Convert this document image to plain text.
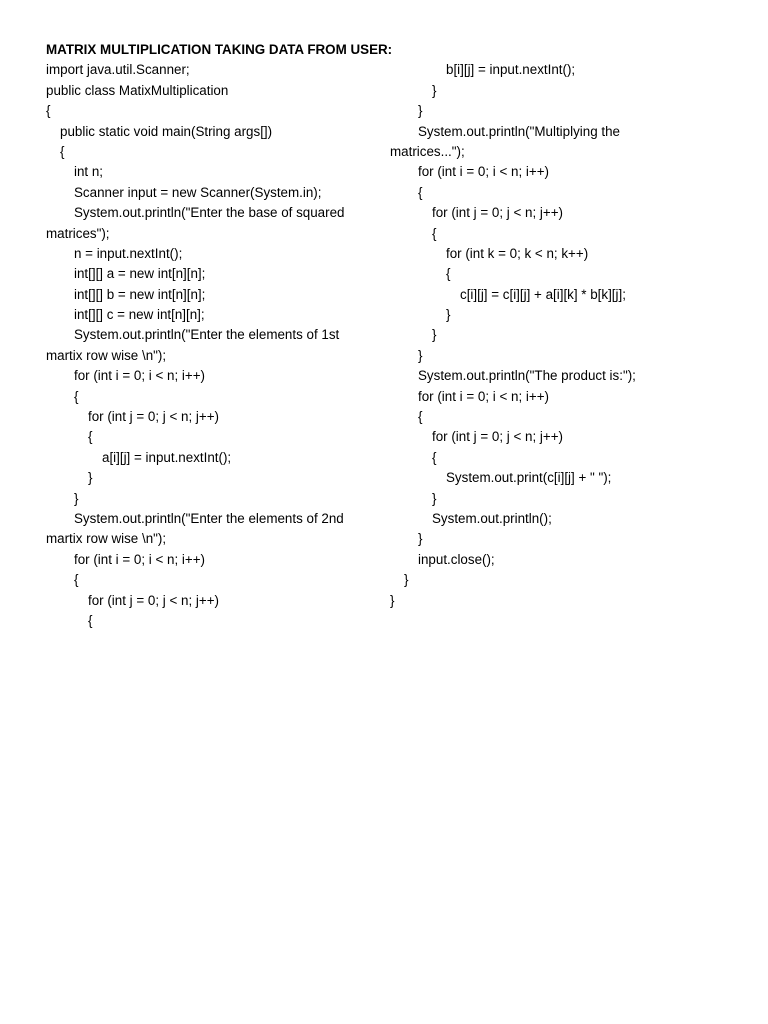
MATRIX MULTIPLICATION TAKING DATA FROM USER:
import java.util.Scanner;
public class MatixMultiplication
{
public static void main(String args[])
{
int n;
Scanner input = new Scanner(System.in);
System.out.println("Enter the base of squared
matrices");
n = input.nextInt();
int[][] a = new int[n][n];
int[][] b = new int[n][n];
int[][] c = new int[n][n];
System.out.println("Enter the elements of 1st
martix row wise \n");
for (int i = 0; i < n; i++)
{
for (int j = 0; j < n; j++)
{
a[i][j] = input.nextInt();
}
}
System.out.println("Enter the elements of 2nd
martix row wise \n");
for (int i = 0; i < n; i++)
{
for (int j = 0; j < n; j++)
{
b[i][j] = input.nextInt();
}
}
System.out.println("Multiplying the
matrices...");
for (int i = 0; i < n; i++)
{
for (int j = 0; j < n; j++)
{
for (int k = 0; k < n; k++)
{
c[i][j] = c[i][j] + a[i][k] * b[k][j];
}
}
}
System.out.println("The product is:");
for (int i = 0; i < n; i++)
{
for (int j = 0; j < n; j++)
{
System.out.print(c[i][j] + " ");
}
System.out.println();
}
input.close();
}
}
